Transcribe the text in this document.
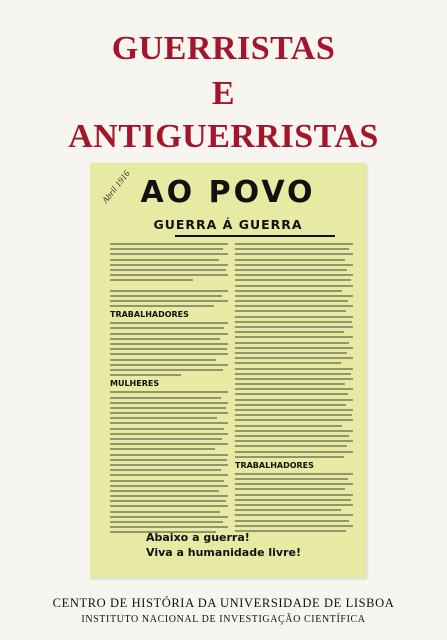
GUERRISTAS
E
ANTIGUERRISTAS
AO POVO
GUERRA Á GUERRA
Abril 1916
TRABALHADORES
MULHERES
TRABALHADORES
Abaixo a guerra!
Viva a humanidade livre!
CENTRO DE HISTÓRIA DA UNIVERSIDADE DE LISBOA
INSTITUTO NACIONAL DE INVESTIGAÇÃO CIENTÍFICA
